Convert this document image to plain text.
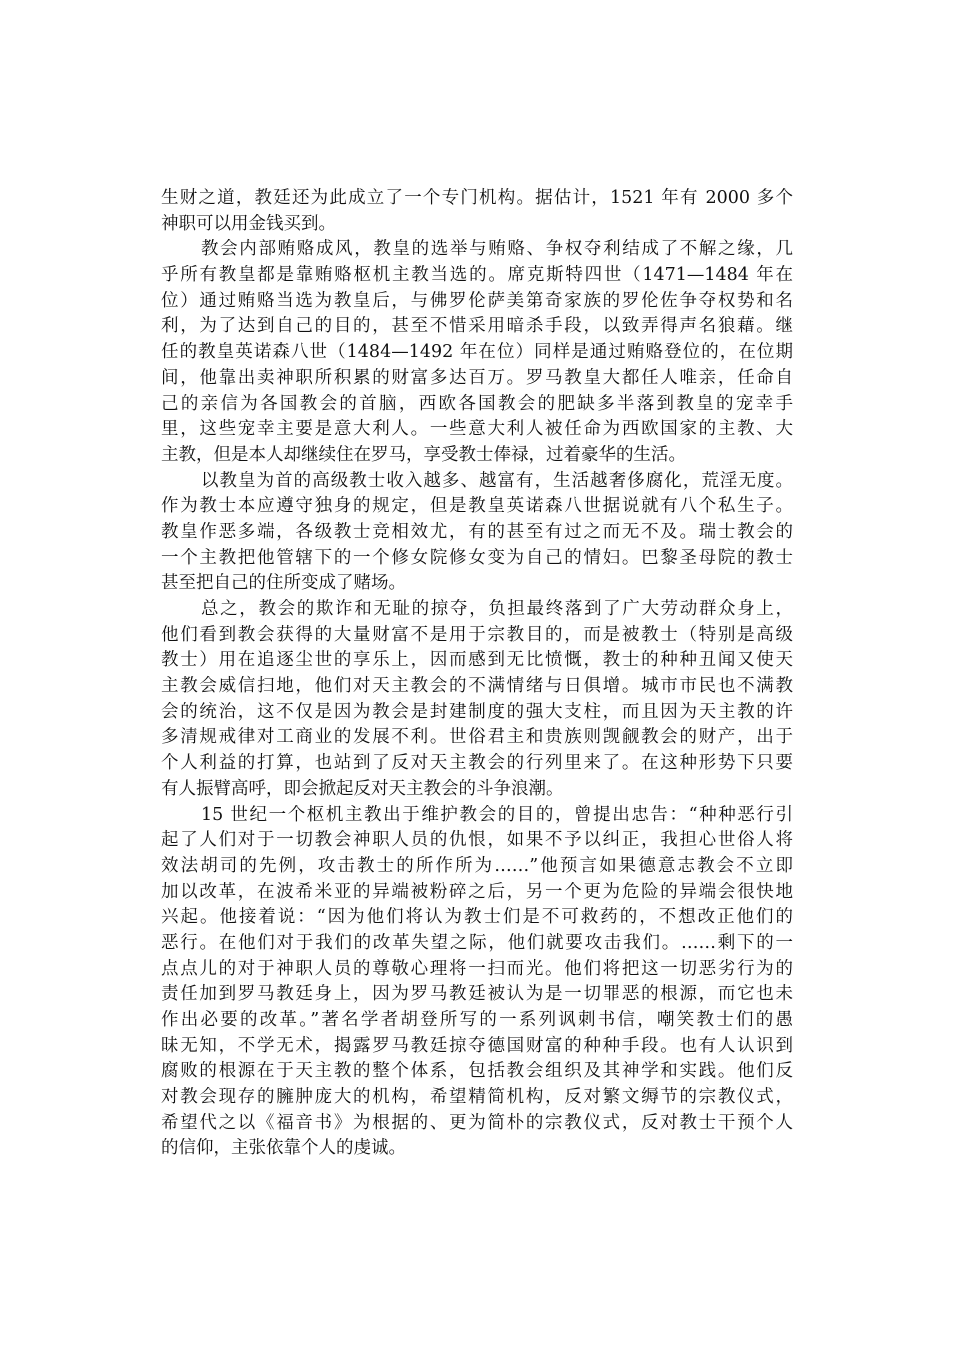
生财之道，教廷还为此成立了一个专门机构。据估计，1521 年有 2000 多个
神职可以用金钱买到。
教会内部贿赂成风，教皇的选举与贿赂、争权夺利结成了不解之缘，几
乎所有教皇都是靠贿赂枢机主教当选的。席克斯特四世（1471—1484 年在
位）通过贿赂当选为教皇后，与佛罗伦萨美第奇家族的罗伦佐争夺权势和名
利，为了达到自己的目的，甚至不惜采用暗杀手段，以致弄得声名狼藉。继
任的教皇英诺森八世（1484—1492 年在位）同样是通过贿赂登位的，在位期
间，他靠出卖神职所积累的财富多达百万。罗马教皇大都任人唯亲，任命自
己的亲信为各国教会的首脑，西欧各国教会的肥缺多半落到教皇的宠幸手
里，这些宠幸主要是意大利人。一些意大利人被任命为西欧国家的主教、大
主教，但是本人却继续住在罗马，享受教士俸禄，过着豪华的生活。
以教皇为首的高级教士收入越多、越富有，生活越奢侈腐化，荒淫无度。
作为教士本应遵守独身的规定，但是教皇英诺森八世据说就有八个私生子。
教皇作恶多端，各级教士竞相效尤，有的甚至有过之而无不及。瑞士教会的
一个主教把他管辖下的一个修女院修女变为自己的情妇。巴黎圣母院的教士
甚至把自己的住所变成了赌场。
总之，教会的欺诈和无耻的掠夺，负担最终落到了广大劳动群众身上，
他们看到教会获得的大量财富不是用于宗教目的，而是被教士（特别是高级
教士）用在追逐尘世的享乐上，因而感到无比愤慨，教士的种种丑闻又使天
主教会威信扫地，他们对天主教会的不满情绪与日俱增。城市市民也不满教
会的统治，这不仅是因为教会是封建制度的强大支柱，而且因为天主教的许
多清规戒律对工商业的发展不利。世俗君主和贵族则觊觎教会的财产，出于
个人利益的打算，也站到了反对天主教会的行列里来了。在这种形势下只要
有人振臂高呼，即会掀起反对天主教会的斗争浪潮。
15 世纪一个枢机主教出于维护教会的目的，曾提出忠告：“种种恶行引
起了人们对于一切教会神职人员的仇恨，如果不予以纠正，我担心世俗人将
效法胡司的先例，攻击教士的所作所为……”他预言如果德意志教会不立即
加以改革，在波希米亚的异端被粉碎之后，另一个更为危险的异端会很快地
兴起。他接着说：“因为他们将认为教士们是不可救药的，不想改正他们的
恶行。在他们对于我们的改革失望之际，他们就要攻击我们。……剩下的一
点点儿的对于神职人员的尊敬心理将一扫而光。他们将把这一切恶劣行为的
责任加到罗马教廷身上，因为罗马教廷被认为是一切罪恶的根源，而它也未
作出必要的改革。”著名学者胡登所写的一系列讽刺书信，嘲笑教士们的愚
昧无知，不学无术，揭露罗马教廷掠夺德国财富的种种手段。也有人认识到
腐败的根源在于天主教的整个体系，包括教会组织及其神学和实践。他们反
对教会现存的臃肿庞大的机构，希望精简机构，反对繁文缛节的宗教仪式，
希望代之以《福音书》为根据的、更为简朴的宗教仪式，反对教士干预个人
的信仰，主张依靠个人的虔诚。
